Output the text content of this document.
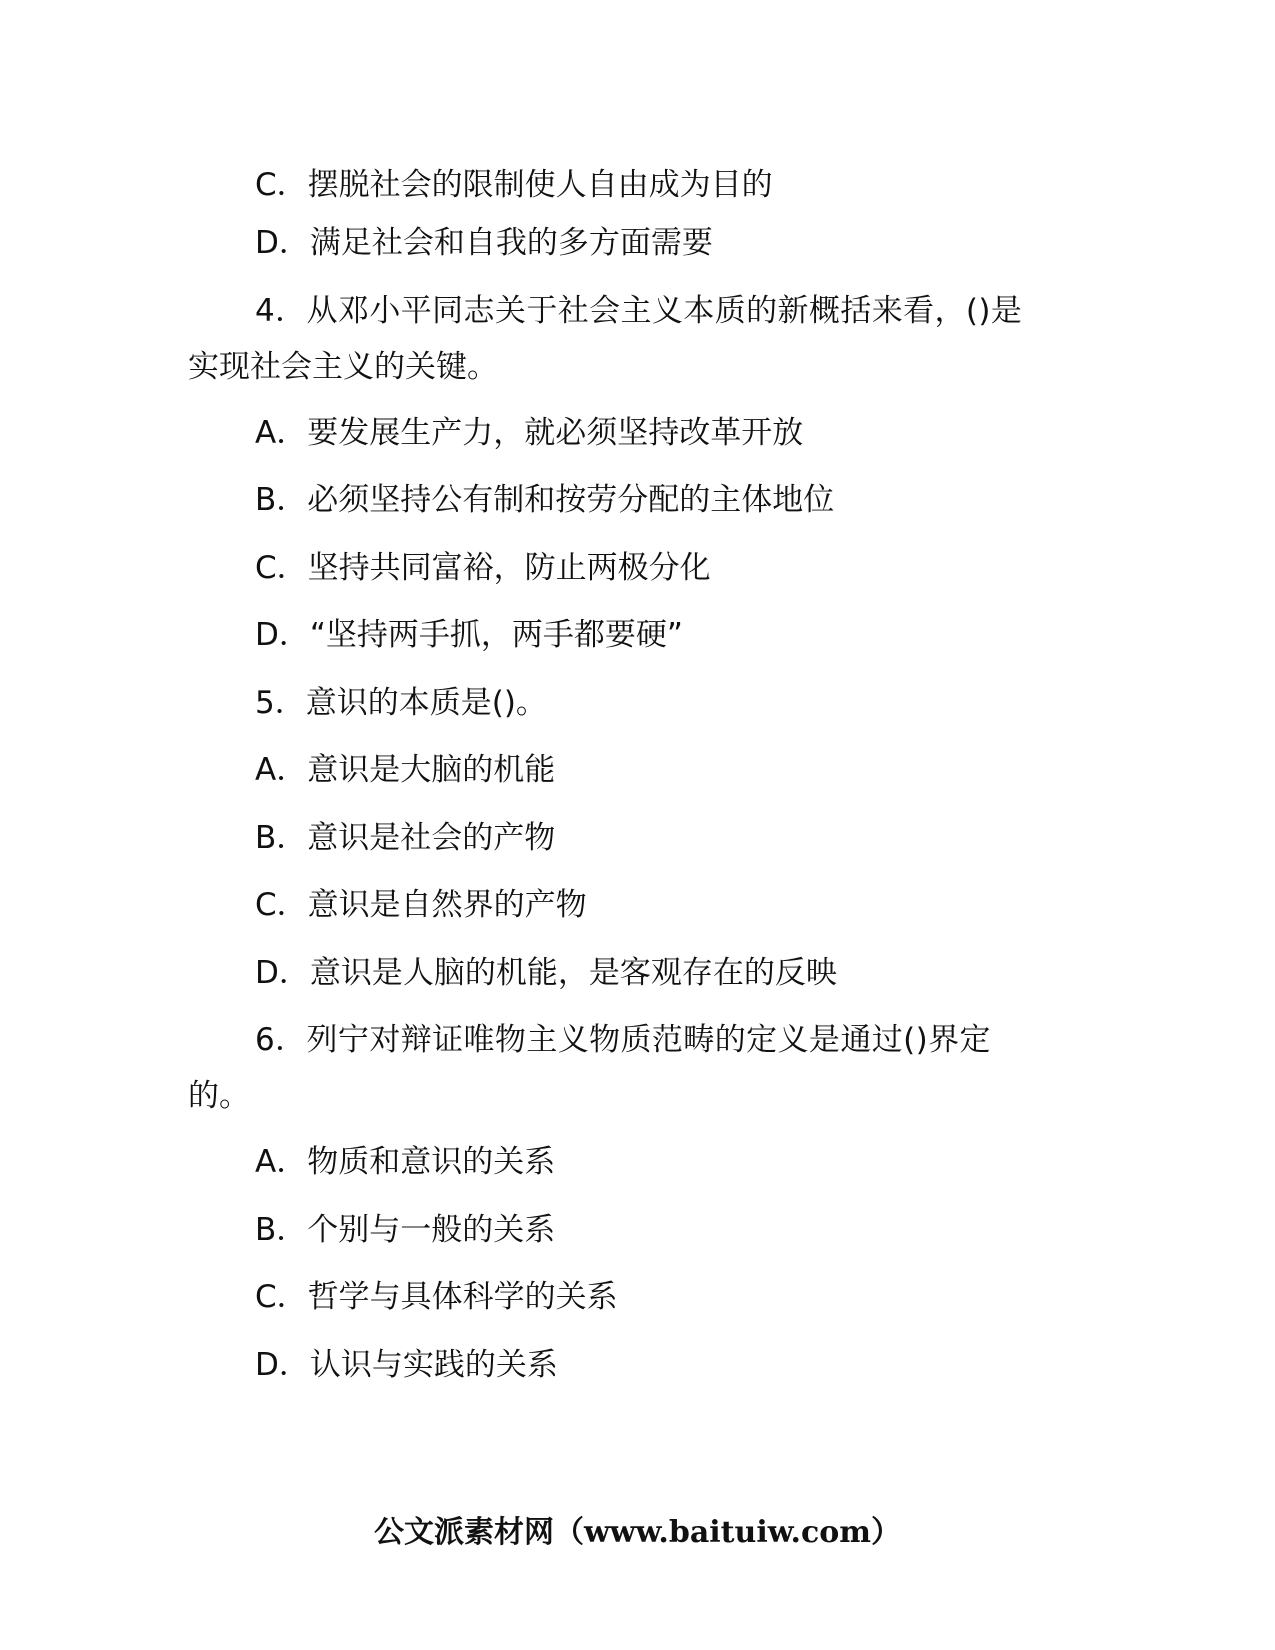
C．摆脱社会的限制使人自由成为目的
D．满足社会和自我的多方面需要
4．从邓小平同志关于社会主义本质的新概括来看，()是
实现社会主义的关键。
A．要发展生产力，就必须坚持改革开放
B．必须坚持公有制和按劳分配的主体地位
C．坚持共同富裕，防止两极分化
D．“坚持两手抓，两手都要硬”
5．意识的本质是()。
A．意识是大脑的机能
B．意识是社会的产物
C．意识是自然界的产物
D．意识是人脑的机能，是客观存在的反映
6．列宁对辩证唯物主义物质范畴的定义是通过()界定
的。
A．物质和意识的关系
B．个别与一般的关系
C．哲学与具体科学的关系
D．认识与实践的关系
公文派素材网（www.baituiw.com）
